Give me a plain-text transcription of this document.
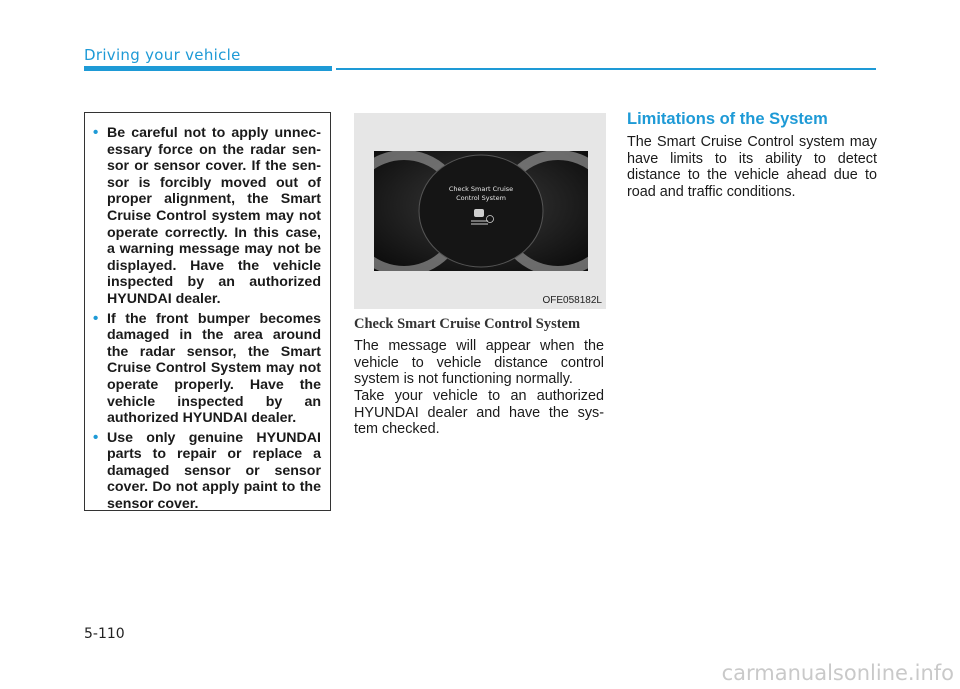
Driving your vehicle
• Be careful not to apply unnec-essary force on the radar sen-sor or sensor cover. If the sen-sor is forcibly moved out of proper alignment, the Smart Cruise Control system may not operate correctly. In this case, a warning message may not be displayed. Have the vehicle inspected by an authorized HYUNDAI dealer.
• If the front bumper becomes damaged in the area around the radar sensor, the Smart Cruise Control System may not operate properly. Have the vehicle inspected by an authorized HYUNDAI dealer.
• Use only genuine HYUNDAI parts to repair or replace a damaged sensor or sensor cover. Do not apply paint to the sensor cover.
Check Smart Cruise
Control System
OFE058182L
Check Smart Cruise Control System

The message will appear when the vehicle to vehicle distance control system is not functioning normally.

Take your vehicle to an authorized HYUNDAI dealer and have the sys-tem checked.

Limitations of the System

The Smart Cruise Control system may have limits to its ability to detect distance to the vehicle ahead due to road and traffic conditions.

5-110
carmanualsonline.info
